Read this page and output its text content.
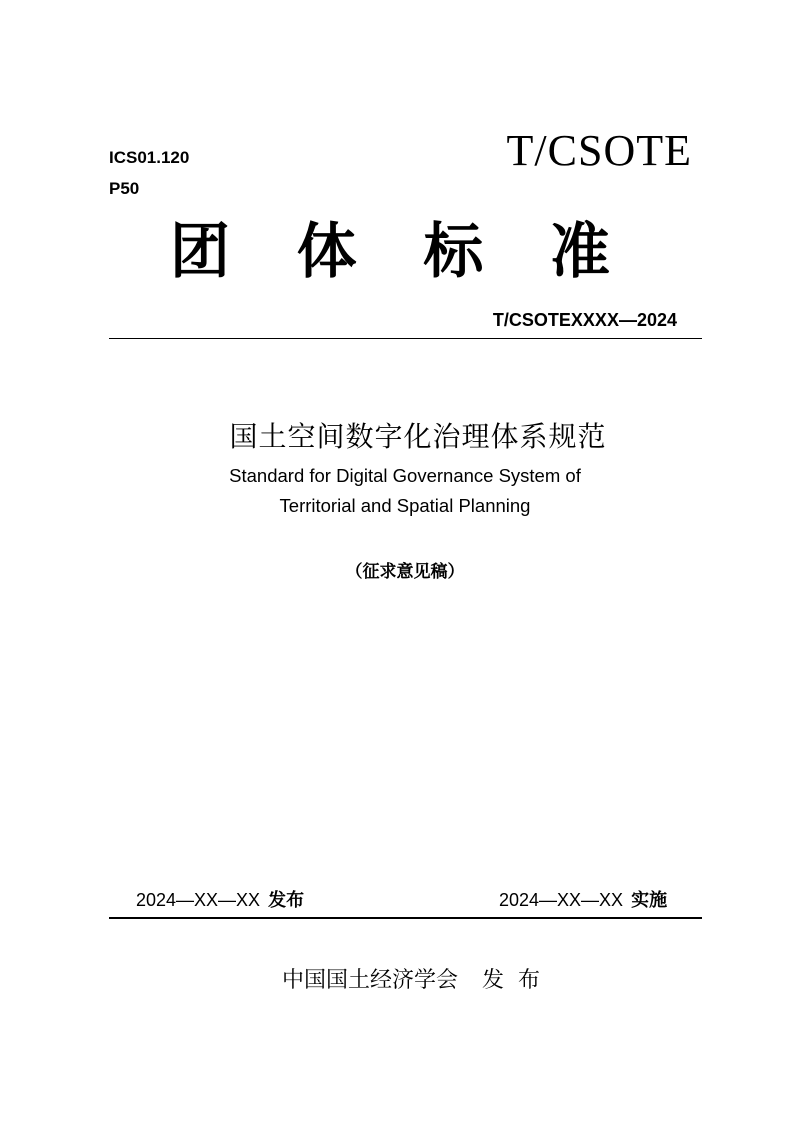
ICS01.120
P50
T/CSOTE
团 体 标 准
T/CSOTEXXXX—2024
国土空间数字化治理体系规范
Standard for Digital Governance System of
Territorial and Spatial Planning
（征求意见稿）
2024—XX—XX 发布	2024—XX—XX 实施
中国国土经济学会 发布
